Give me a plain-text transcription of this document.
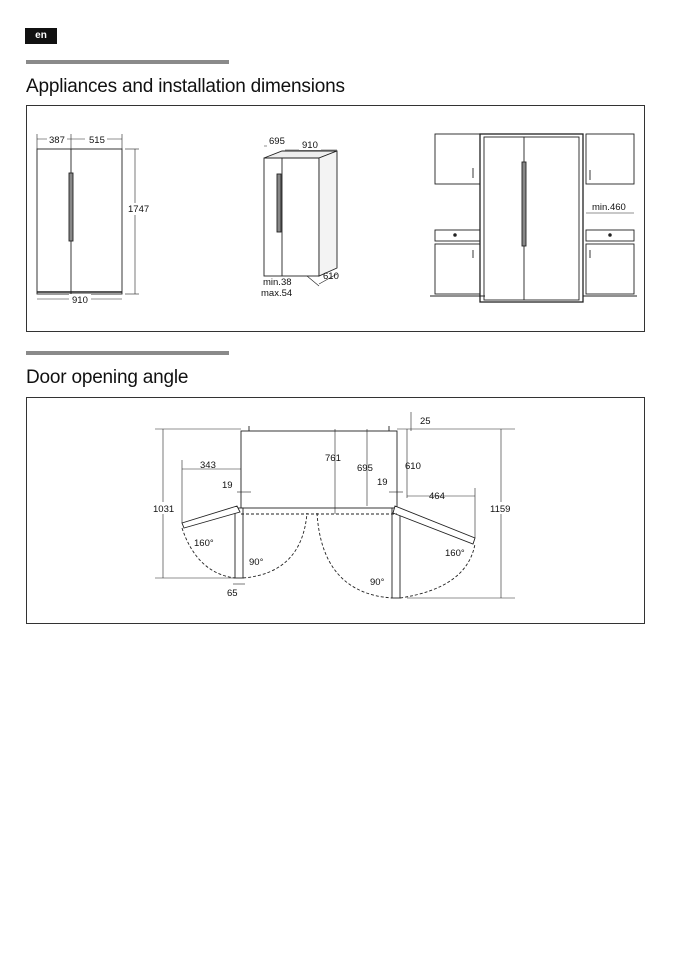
en
Appliances and installation dimensions
387	515
1747
910
695 910
610
min.38
max.54
min.460
Door opening angle
25
343
761
695	610
19	19
464
1031	1159
160°
90°
160°
90°
65
